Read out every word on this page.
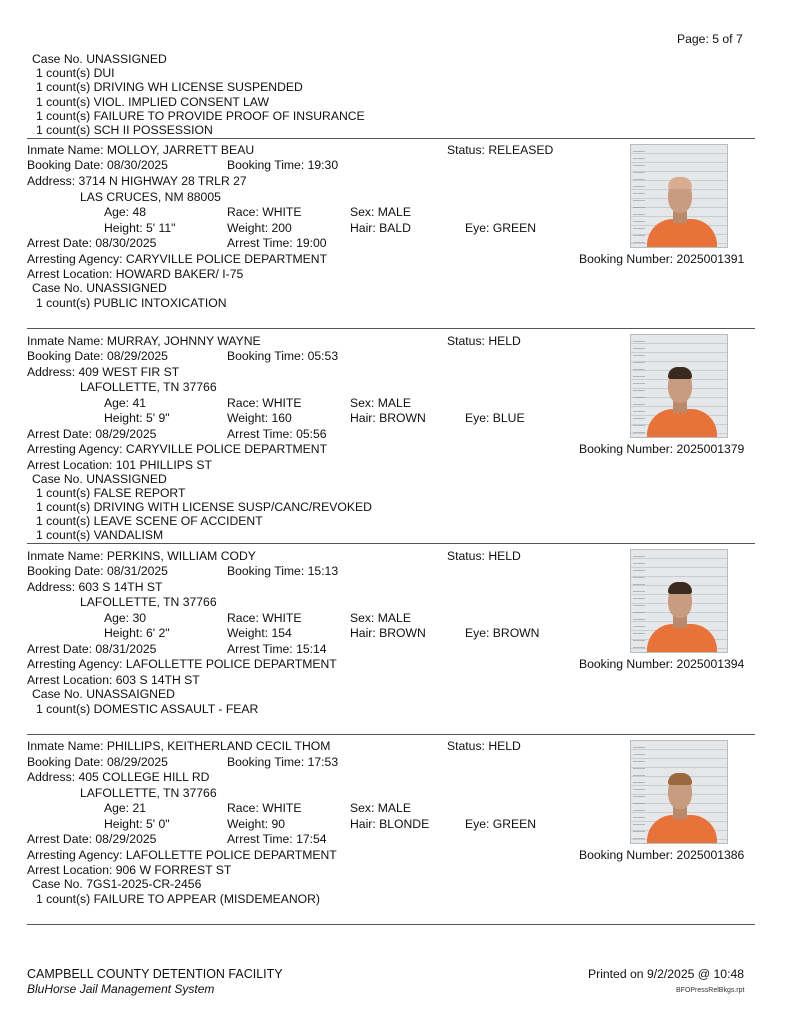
Page: 5 of 7
Case No. UNASSIGNED
1 count(s) DUI
1 count(s) DRIVING WH LICENSE SUSPENDED
1 count(s) VIOL. IMPLIED CONSENT LAW
1 count(s) FAILURE TO PROVIDE PROOF OF INSURANCE
1 count(s) SCH II POSSESSION
Inmate Name: MOLLOY, JARRETT BEAU	Status: RELEASED
Booking Date: 08/30/2025	Booking Time: 19:30
Address: 3714 N HIGHWAY 28 TRLR 27
LAS CRUCES, NM 88005
Age: 48	Race: WHITE	Sex: MALE
Height: 5' 11"	Weight: 200	Hair: BALD	Eye: GREEN
Arrest Date: 08/30/2025	Arrest Time: 19:00
Arresting Agency: CARYVILLE POLICE DEPARTMENT	Booking Number: 2025001391
Arrest Location: HOWARD BAKER/ I-75
Case No. UNASSIGNED
1 count(s) PUBLIC INTOXICATION
Inmate Name: MURRAY, JOHNNY WAYNE	Status: HELD
Booking Date: 08/29/2025	Booking Time: 05:53
Address: 409 WEST FIR ST
LAFOLLETTE, TN 37766
Age: 41	Race: WHITE	Sex: MALE
Height: 5' 9"	Weight: 160	Hair: BROWN	Eye: BLUE
Arrest Date: 08/29/2025	Arrest Time: 05:56
Arresting Agency: CARYVILLE POLICE DEPARTMENT	Booking Number: 2025001379
Arrest Location: 101 PHILLIPS ST
Case No. UNASSIGNED
1 count(s) FALSE REPORT
1 count(s) DRIVING WITH LICENSE SUSP/CANC/REVOKED
1 count(s) LEAVE SCENE OF ACCIDENT
1 count(s) VANDALISM
Inmate Name: PERKINS, WILLIAM CODY	Status: HELD
Booking Date: 08/31/2025	Booking Time: 15:13
Address: 603 S 14TH ST
LAFOLLETTE, TN 37766
Age: 30	Race: WHITE	Sex: MALE
Height: 6' 2"	Weight: 154	Hair: BROWN	Eye: BROWN
Arrest Date: 08/31/2025	Arrest Time: 15:14
Arresting Agency: LAFOLLETTE POLICE DEPARTMENT	Booking Number: 2025001394
Arrest Location: 603 S 14TH ST
Case No. UNASSAIGNED
1 count(s) DOMESTIC ASSAULT - FEAR
Inmate Name: PHILLIPS, KEITHERLAND CECIL THOM	Status: HELD
Booking Date: 08/29/2025	Booking Time: 17:53
Address: 405 COLLEGE HILL RD
LAFOLLETTE, TN 37766
Age: 21	Race: WHITE	Sex: MALE
Height: 5' 0"	Weight: 90	Hair: BLONDE	Eye: GREEN
Arrest Date: 08/29/2025	Arrest Time: 17:54
Arresting Agency: LAFOLLETTE POLICE DEPARTMENT	Booking Number: 2025001386
Arrest Location: 906 W FORREST ST
Case No. 7GS1-2025-CR-2456
1 count(s) FAILURE TO APPEAR (MISDEMEANOR)
CAMPBELL COUNTY DETENTION FACILITY
BluHorse Jail Management System
Printed on 9/2/2025 @ 10:48
BFOPressRelBkgs.rpt
